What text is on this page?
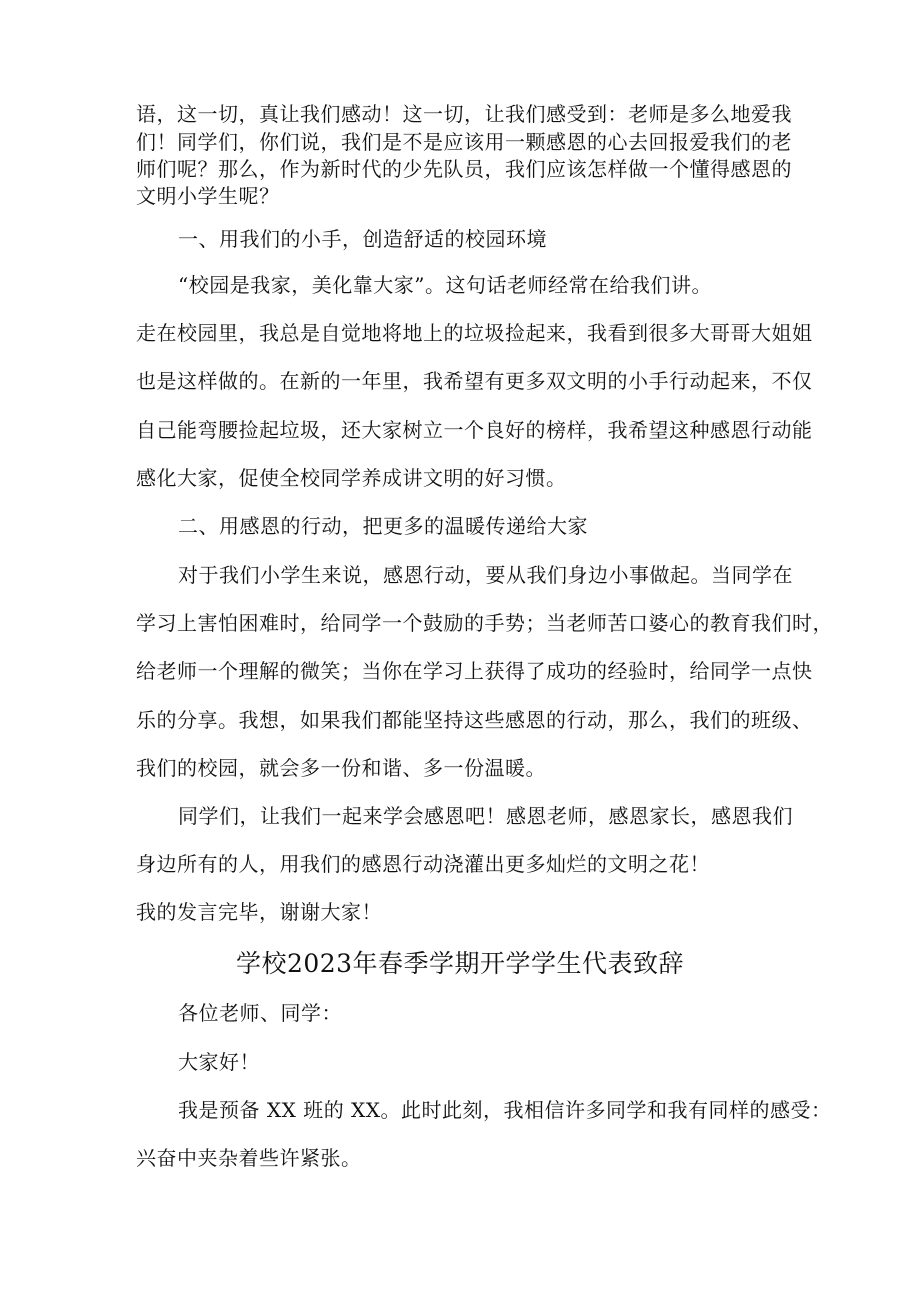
语，这一切，真让我们感动！这一切，让我们感受到：老师是多么地爱我
们！同学们，你们说，我们是不是应该用一颗感恩的心去回报爱我们的老
师们呢？那么，作为新时代的少先队员，我们应该怎样做一个懂得感恩的
文明小学生呢？
一、用我们的小手，创造舒适的校园环境
“校园是我家，美化靠大家”。这句话老师经常在给我们讲。
走在校园里，我总是自觉地将地上的垃圾捡起来，我看到很多大哥哥大姐姐
也是这样做的。在新的一年里，我希望有更多双文明的小手行动起来，不仅
自己能弯腰捡起垃圾，还大家树立一个良好的榜样，我希望这种感恩行动能
感化大家，促使全校同学养成讲文明的好习惯。
二、用感恩的行动，把更多的温暖传递给大家
对于我们小学生来说，感恩行动，要从我们身边小事做起。当同学在
学习上害怕困难时，给同学一个鼓励的手势；当老师苦口婆心的教育我们时，
给老师一个理解的微笑；当你在学习上获得了成功的经验时，给同学一点快
乐的分享。我想，如果我们都能坚持这些感恩的行动，那么，我们的班级、
我们的校园，就会多一份和谐、多一份温暖。
同学们，让我们一起来学会感恩吧！感恩老师，感恩家长，感恩我们
身边所有的人，用我们的感恩行动浇灌出更多灿烂的文明之花！
我的发言完毕，谢谢大家！
学校2023年春季学期开学学生代表致辞
各位老师、同学：
大家好！
我是预备 XX 班的 XX。此时此刻，我相信许多同学和我有同样的感受：
兴奋中夹杂着些许紧张。
